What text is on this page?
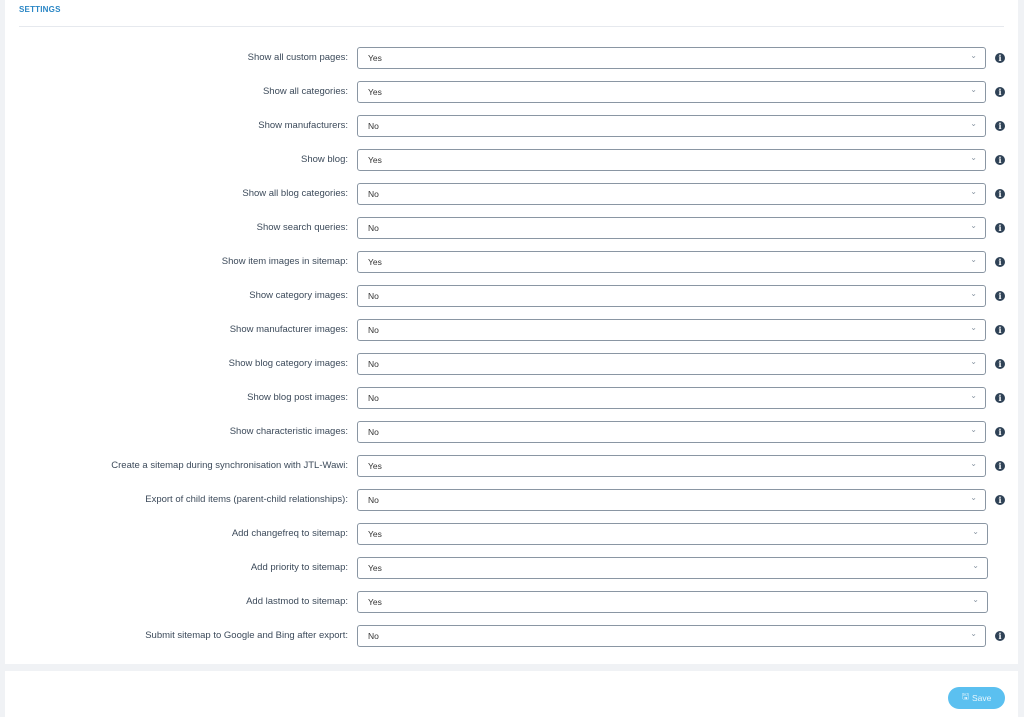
SETTINGS
Show all custom pages: Yes	⌄	i
Show all categories: Yes	⌄	i
Show manufacturers: No	⌄	i
Show blog: Yes	⌄	i
Show all blog categories: No	⌄	i
Show search queries: No	⌄	i
Show item images in sitemap: Yes	⌄	i
Show category images: No	⌄	i
Show manufacturer images: No	⌄	i
Show blog category images: No	⌄	i
Show blog post images: No	⌄	i
Show characteristic images: No	⌄	i
Create a sitemap during synchronisation with JTL-Wawi: Yes	⌄	i
Export of child items (parent-child relationships): No	⌄	i
Add changefreq to sitemap: Yes	⌄
Add priority to sitemap: Yes	⌄
Add lastmod to sitemap: Yes	⌄
Submit sitemap to Google and Bing after export: No	⌄	i
🖫 Save
